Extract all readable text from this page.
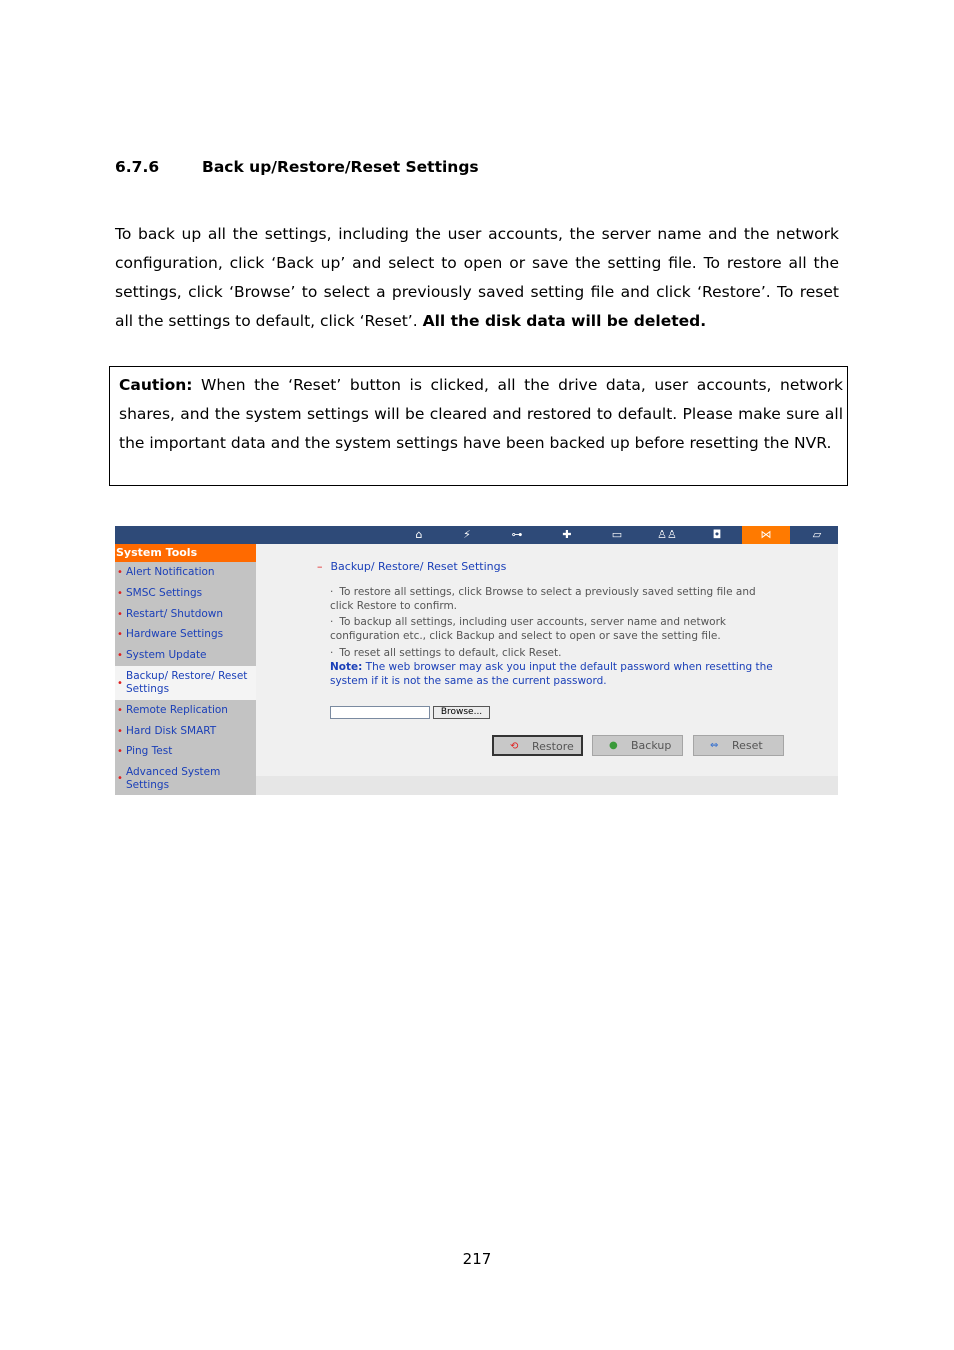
6.7.6	Back up/Restore/Reset Settings
To back up all the settings, including the user accounts, the server name and the network configuration, click ‘Back up’ and select to open or save the setting file. To restore all the settings, click ‘Browse’ to select a previously saved setting file and click ‘Restore’. To reset all the settings to default, click ‘Reset’. All the disk data will be deleted.
Caution: When the ‘Reset’ button is clicked, all the drive data, user accounts, network shares, and the system settings will be cleared and restored to default. Please make sure all the important data and the system settings have been backed up before resetting the NVR.
⌂	⚡	⊶	✚	▭	♙♙	◘	⋈	▱
System Tools
• Alert Notification
• SMSC Settings
• Restart/ Shutdown
• Hardware Settings
• System Update
•
Backup/ Restore/ Reset Settings
• Remote Replication
• Hard Disk SMART
• Ping Test
•
Advanced System Settings
– Backup/ Restore/ Reset Settings
· To restore all settings, click Browse to select a previously saved setting file and click Restore to confirm.
· To backup all settings, including user accounts, server name and network configuration etc., click Backup and select to open or save the setting file.
· To reset all settings to default, click Reset.
Note: The web browser may ask you input the default password when resetting the system if it is not the same as the current password.
Browse...
⟲ Restore	● Backup	⇔ Reset
217
